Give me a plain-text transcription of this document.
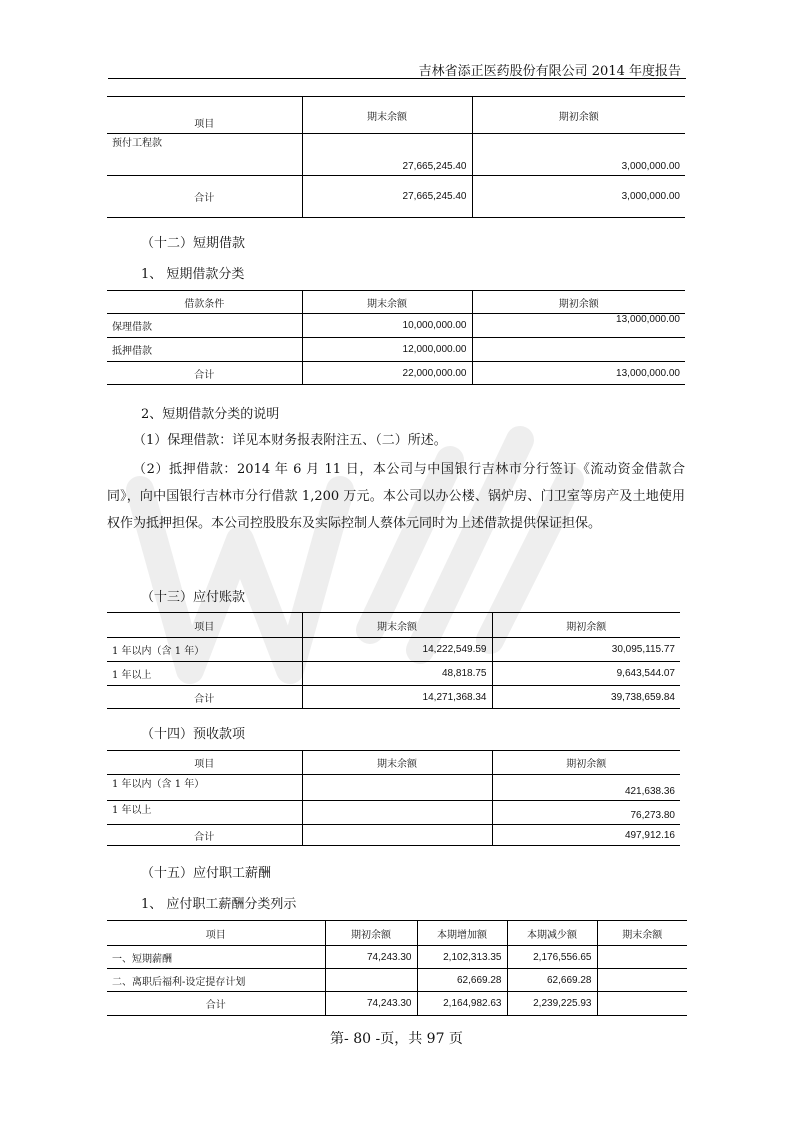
吉林省添正医药股份有限公司 2014 年度报告
项目	期末余额	期初余额
预付工程款	27,665,245.40	3,000,000.00
合计	27,665,245.40	3,000,000.00
（十二）短期借款
1、 短期借款分类
借款条件	期末余额	期初余额
保理借款	10,000,000.00	13,000,000.00
抵押借款	12,000,000.00	
合计	22,000,000.00	13,000,000.00
2、短期借款分类的说明
（1）保理借款：详见本财务报表附注五、（二）所述。
（2）抵押借款：2014 年 6 月 11 日，本公司与中国银行吉林市分行签订《流动资金借款合同》，向中国银行吉林市分行借款 1,200 万元。本公司以办公楼、锅炉房、门卫室等房产及土地使用权作为抵押担保。本公司控股股东及实际控制人蔡体元同时为上述借款提供保证担保。
（十三）应付账款
项目	期末余额	期初余额
1 年以内（含 1 年）	14,222,549.59	30,095,115.77
1 年以上	48,818.75	9,643,544.07
合计	14,271,368.34	39,738,659.84
（十四）预收款项
项目	期末余额	期初余额
1 年以内（含 1 年）		421,638.36
1 年以上		76,273.80
合计		497,912.16
（十五）应付职工薪酬
1、 应付职工薪酬分类列示
项目	期初余额	本期增加额	本期减少额	期末余额
一、短期薪酬	74,243.30	2,102,313.35	2,176,556.65	
二、离职后福利-设定提存计划		62,669.28	62,669.28	
合计	74,243.30	2,164,982.63	2,239,225.93	
第- 80 -页，共 97 页
